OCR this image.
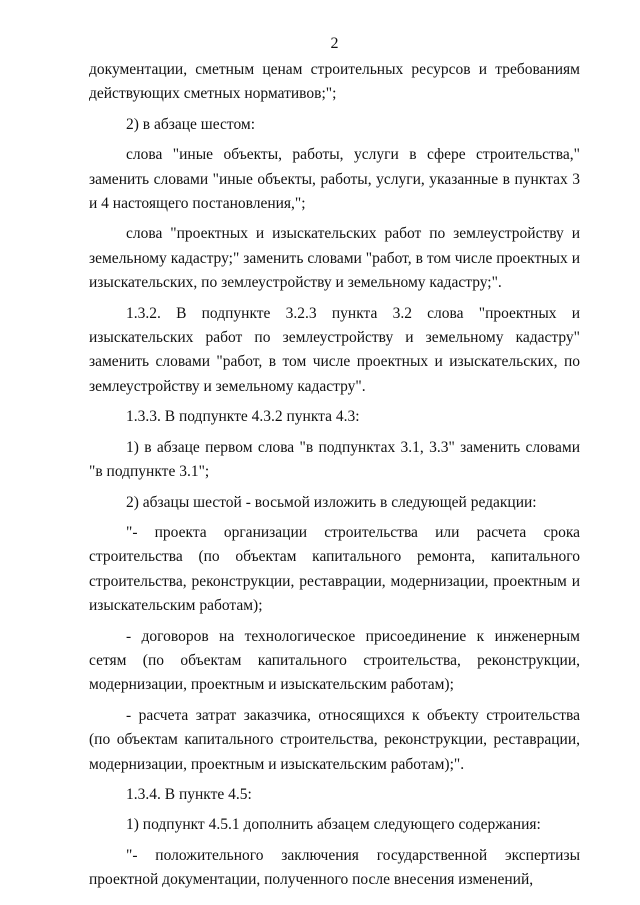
2

документации, сметным ценам строительных ресурсов и требованиям действующих сметных нормативов;";

2) в абзаце шестом:

слова "иные объекты, работы, услуги в сфере строительства," заменить словами "иные объекты, работы, услуги, указанные в пунктах 3 и 4 настоящего постановления,";

слова "проектных и изыскательских работ по землеустройству и земельному кадастру;" заменить словами "работ, в том числе проектных и изыскательских, по землеустройству и земельному кадастру;".

1.3.2. В подпункте 3.2.3 пункта 3.2 слова "проектных и изыскательских работ по землеустройству и земельному кадастру" заменить словами "работ, в том числе проектных и изыскательских, по землеустройству и земельному кадастру".

1.3.3. В подпункте 4.3.2 пункта 4.3:

1) в абзаце первом слова "в подпунктах 3.1, 3.3" заменить словами "в подпункте 3.1";

2) абзацы шестой - восьмой изложить в следующей редакции:

"- проекта организации строительства или расчета срока строительства (по объектам капитального ремонта, капитального строительства, реконструкции, реставрации, модернизации, проектным и изыскательским работам);

- договоров на технологическое присоединение к инженерным сетям (по объектам капитального строительства, реконструкции, модернизации, проектным и изыскательским работам);

- расчета затрат заказчика, относящихся к объекту строительства (по объектам капитального строительства, реконструкции, реставрации, модернизации, проектным и изыскательским работам);".

1.3.4. В пункте 4.5:

1) подпункт 4.5.1 дополнить абзацем следующего содержания:

"- положительного заключения государственной экспертизы проектной документации, полученного после внесения изменений,
